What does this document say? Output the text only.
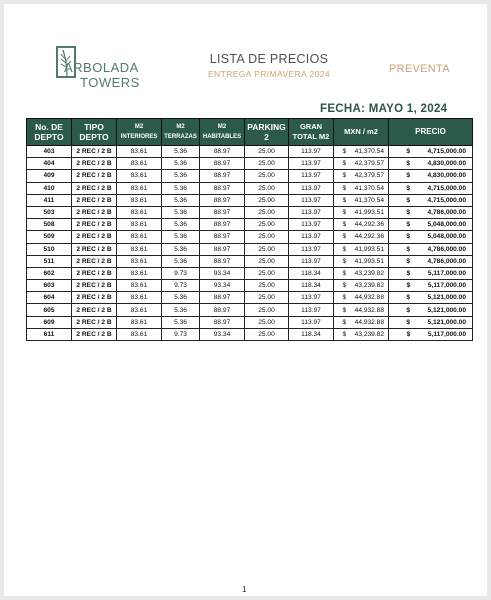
ARBOLADA
TOWERS
LISTA DE PRECIOS
ENTREGA PRIMAVERA 2024	PREVENTA
FECHA: MAYO 1, 2024
No. DE DEPTO	TIPO DEPTO	M2 INTERIORES	M2 TERRAZAS	M2 HABITABLES	PARKING 2	GRAN TOTAL M2	MXN / m2	PRECIO
403	2 REC / 2 B	83.61	5.36	88.97	25.00	113.97	$ 41,370.54	$ 4,715,000.00

404	2 REC / 2 B	83.61	5.36	88.97	25.00	113.97	$ 42,379.57	$ 4,830,000.00

409	2 REC / 2 B	83.61	5.36	88.97	25.00	113.97	$ 42,379.57	$ 4,830,000.00

410	2 REC / 2 B	83.61	5.36	88.97	25.00	113.97	$ 41,370.54	$ 4,715,000.00

411	2 REC / 2 B	83.61	5.36	88.97	25.00	113.97	$ 41,370.54	$ 4,715,000.00

503	2 REC / 2 B	83.61	5.36	88.97	25.00	113.97	$ 41,993.51	$ 4,786,000.00

508	2 REC / 2 B	83.61	5.36	88.97	25.00	113.97	$ 44,292.36	$ 5,048,000.00

509	2 REC / 2 B	83.61	5.36	88.97	25.00	113.97	$ 44,292.36	$ 5,048,000.00

510	2 REC / 2 B	83.61	5.36	88.97	25.00	113.97	$ 41,993.51	$ 4,786,000.00

511	2 REC / 2 B	83.61	5.36	88.97	25.00	113.97	$ 41,993.51	$ 4,786,000.00

602	2 REC / 2 B	83.61	9.73	93.34	25.00	118.34	$ 43,239.82	$ 5,117,000.00

603	2 REC / 2 B	83.61	9.73	93.34	25.00	118.34	$ 43,239.82	$ 5,117,000.00

604	2 REC / 2 B	83.61	5.36	88.97	25.00	113.97	$ 44,932.88	$ 5,121,000.00

605	2 REC / 2 B	83.61	5.36	88.97	25.00	113.97	$ 44,932.88	$ 5,121,000.00

609	2 REC / 2 B	83.61	5.36	88.97	25.00	113.97	$ 44,932.88	$ 5,121,000.00

611	2 REC / 2 B	83.61	9.73	93.34	25.00	118.34	$ 43,239.82	$ 5,117,000.00
1
